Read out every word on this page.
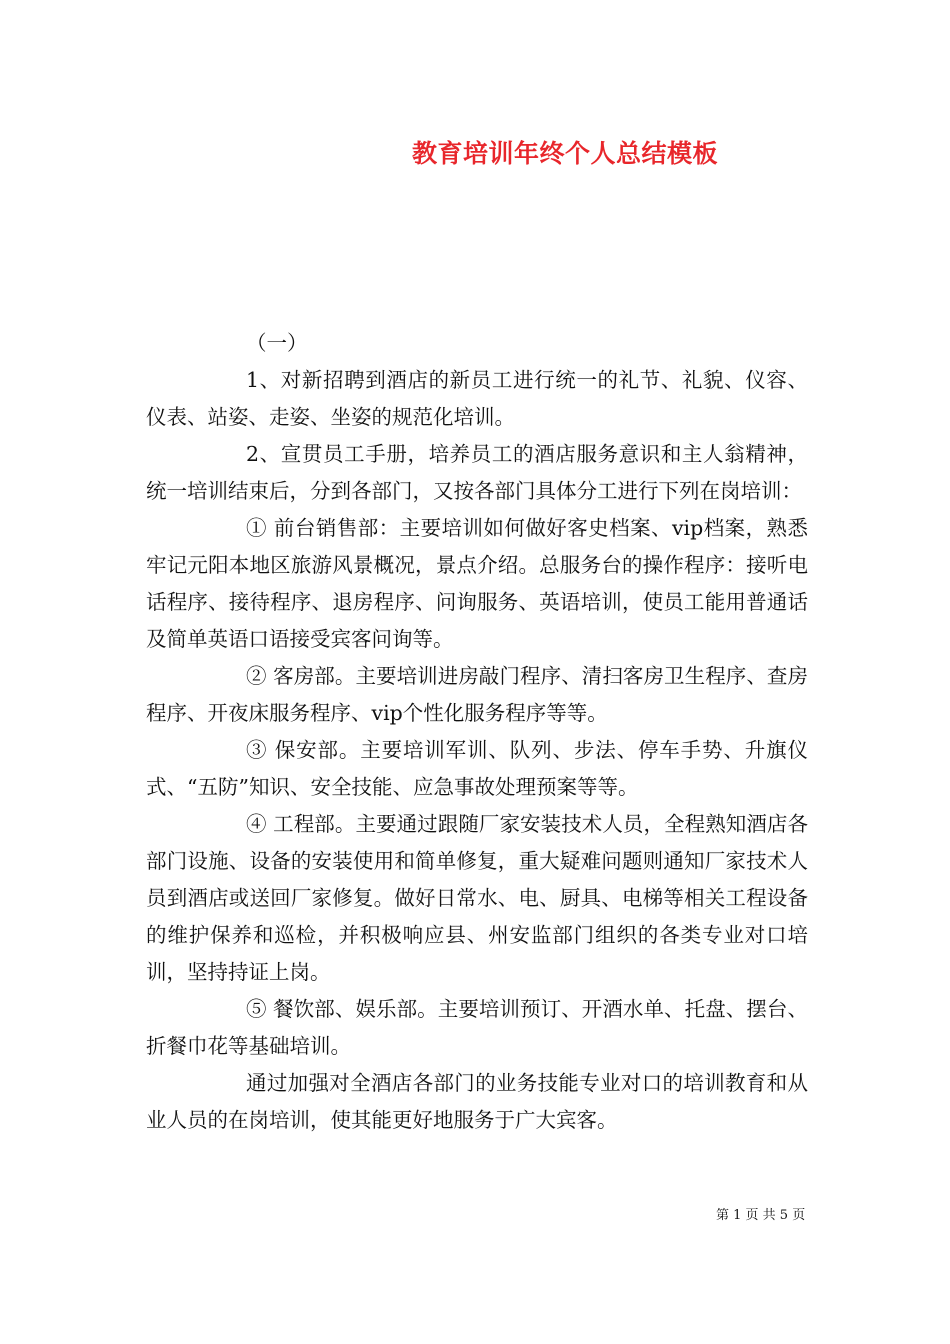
教育培训年终个人总结模板

（一）

1、对新招聘到酒店的新员工进行统一的礼节、礼貌、仪容、仪表、站姿、走姿、坐姿的规范化培训。

2、宣贯员工手册，培养员工的酒店服务意识和主人翁精神，统一培训结束后，分到各部门，又按各部门具体分工进行下列在岗培训：

① 前台销售部：主要培训如何做好客史档案、vip档案，熟悉牢记元阳本地区旅游风景概况，景点介绍。总服务台的操作程序：接听电话程序、接待程序、退房程序、问询服务、英语培训，使员工能用普通话及简单英语口语接受宾客问询等。

② 客房部。主要培训进房敲门程序、清扫客房卫生程序、查房程序、开夜床服务程序、vip个性化服务程序等等。

③ 保安部。主要培训军训、队列、步法、停车手势、升旗仪式、“五防”知识、安全技能、应急事故处理预案等等。

④ 工程部。主要通过跟随厂家安装技术人员，全程熟知酒店各部门设施、设备的安装使用和简单修复，重大疑难问题则通知厂家技术人员到酒店或送回厂家修复。做好日常水、电、厨具、电梯等相关工程设备的维护保养和巡检，并积极响应县、州安监部门组织的各类专业对口培训，坚持持证上岗。

⑤ 餐饮部、娱乐部。主要培训预订、开酒水单、托盘、摆台、折餐巾花等基础培训。

通过加强对全酒店各部门的业务技能专业对口的培训教育和从业人员的在岗培训，使其能更好地服务于广大宾客。

第 1 页 共 5 页
